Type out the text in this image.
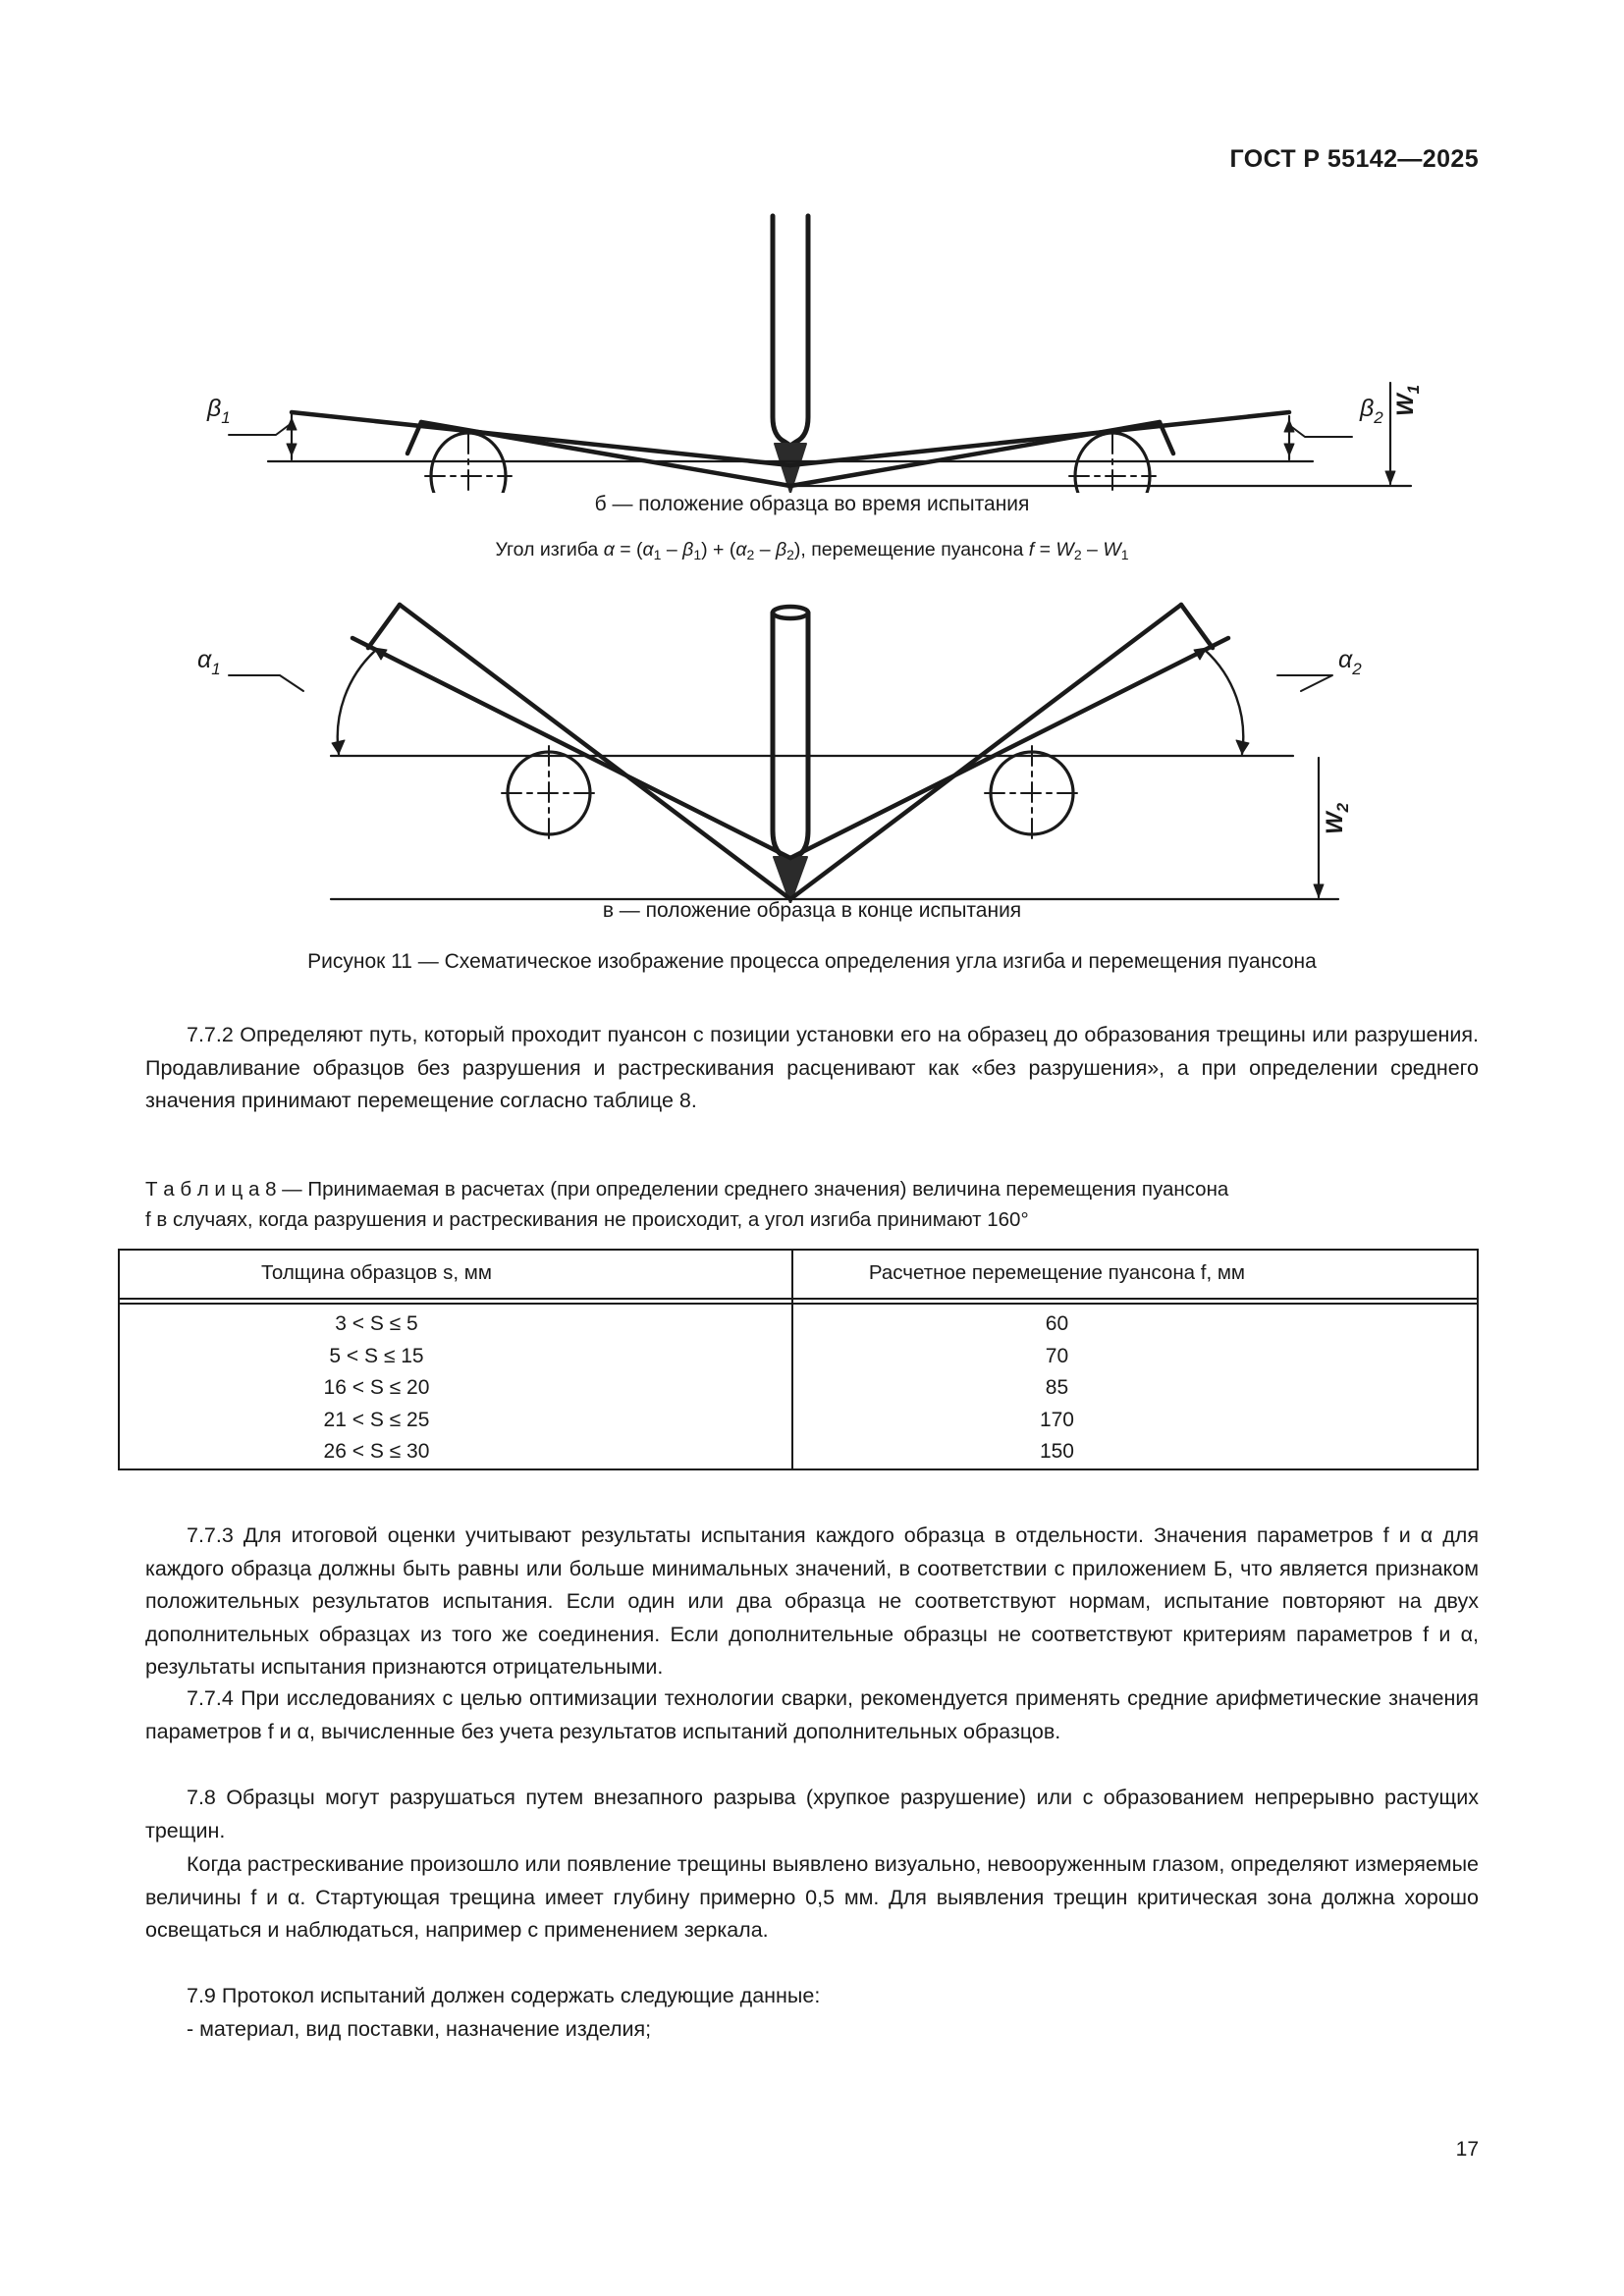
ГОСТ Р 55142—2025
$\beta_1$	$\beta_2$
$W_1$
б — положение образца во время испытания
Угол изгиба $\alpha = (\alpha_1 - \beta_1) + (\alpha_2 - \beta_2)$, перемещение пуансона $f = W_2 - W_1$
$\alpha_1$	$\alpha_2$
$W_2$
в — положение образца в конце испытания
Рисунок 11 — Схематическое изображение процесса определения угла изгиба и перемещения пуансона

7.7.2 Определяют путь, который проходит пуансон с позиции установки его на образец до образования трещины или разрушения. Продавливание образцов без разрушения и растрескивания расценивают как «без разрушения», а при определении среднего значения принимают перемещение согласно таблице 8.

Т а б л и ц а 8 — Принимаемая в расчетах (при определении среднего значения) величина перемещения пуансона

f в случаях, когда разрушения и растрескивания не происходит, а угол изгиба принимают 160°

Толщина образцов s, мм	Расчетное перемещение пуансона f, мм
3 < S ≤ 5	60
5 < S ≤ 15	70
16 < S ≤ 20	85
21 < S ≤ 25	170
26 < S ≤ 30	150

7.7.3 Для итоговой оценки учитывают результаты испытания каждого образца в отдельности. Значения параметров f и α для каждого образца должны быть равны или больше минимальных значений, в соответствии с приложением Б, что является признаком положительных результатов испытания. Если один или два образца не соответствуют нормам, испытание повторяют на двух дополнительных образцах из того же соединения. Если дополнительные образцы не соответствуют критериям параметров f и α, результаты испытания признаются отрицательными.

7.7.4 При исследованиях с целью оптимизации технологии сварки, рекомендуется применять средние арифметические значения параметров f и α, вычисленные без учета результатов испытаний дополнительных образцов.

7.8 Образцы могут разрушаться путем внезапного разрыва (хрупкое разрушение) или с образованием непрерывно растущих трещин.

Когда растрескивание произошло или появление трещины выявлено визуально, невооруженным глазом, определяют измеряемые величины f и α. Стартующая трещина имеет глубину примерно 0,5 мм. Для выявления трещин критическая зона должна хорошо освещаться и наблюдаться, например с применением зеркала.

7.9 Протокол испытаний должен содержать следующие данные:

- материал, вид поставки, назначение изделия;

17
